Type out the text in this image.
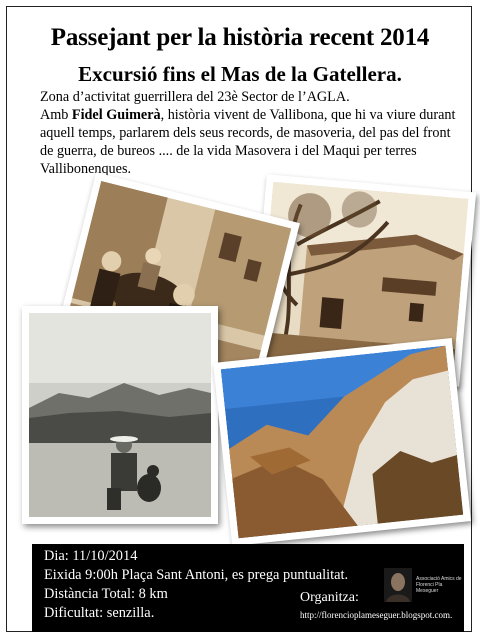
Passejant per la història recent 2014
Excursió fins el Mas de la Gatellera.

Zona d’activitat guerrillera del 23è Sector de l’AGLA.

Amb Fidel Guimerà, història vivent de Vallibona, que hi va viure durant aquell temps, parlarem dels seus records, de masoveria, del pas del front de guerra, de bureos .... de la vida Masovera i del Maqui per terres Vallibonenques.

Dia: 11/10/2014
Eixida 9:00h Plaça Sant Antoni, es prega puntualitat.
Distància Total: 8 km
Dificultat: senzilla.
Associació Amics de Florenci Pla Meseguer
Organitza:
http://florencioplameseguer.blogspot.com.
